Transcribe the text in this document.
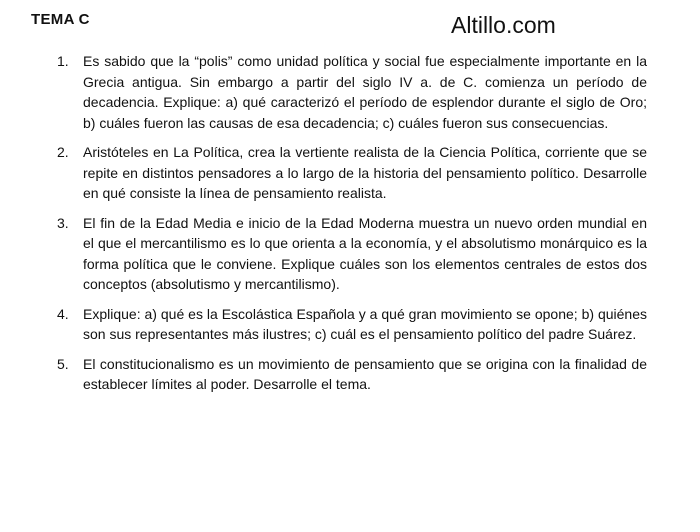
TEMA C	Altillo.com
1.	Es sabido que la “polis” como unidad política y social fue especialmente importante en la Grecia antigua. Sin embargo a partir del siglo IV a. de C. comienza un período de decadencia. Explique: a) qué caracterizó el período de esplendor durante el siglo de Oro; b) cuáles fueron las causas de esa decadencia; c) cuáles fueron sus consecuencias.

2.	Aristóteles en La Política, crea la vertiente realista de la Ciencia Política, corriente que se repite en distintos pensadores a lo largo de la historia del pensamiento político. Desarrolle en qué consiste la línea de pensamiento realista.

3.	El fin de la Edad Media e inicio de la Edad Moderna muestra un nuevo orden mundial en el que el mercantilismo es lo que orienta a la economía, y el absolutismo monárquico es la forma política que le conviene. Explique cuáles son los elementos centrales de estos dos conceptos (absolutismo y mercantilismo).

4.	Explique: a) qué es la Escolástica Española y a qué gran movimiento se opone; b) quiénes son sus representantes más ilustres; c) cuál es el pensamiento político del padre Suárez.

5.	El constitucionalismo es un movimiento de pensamiento que se origina con la finalidad de establecer límites al poder. Desarrolle el tema.
